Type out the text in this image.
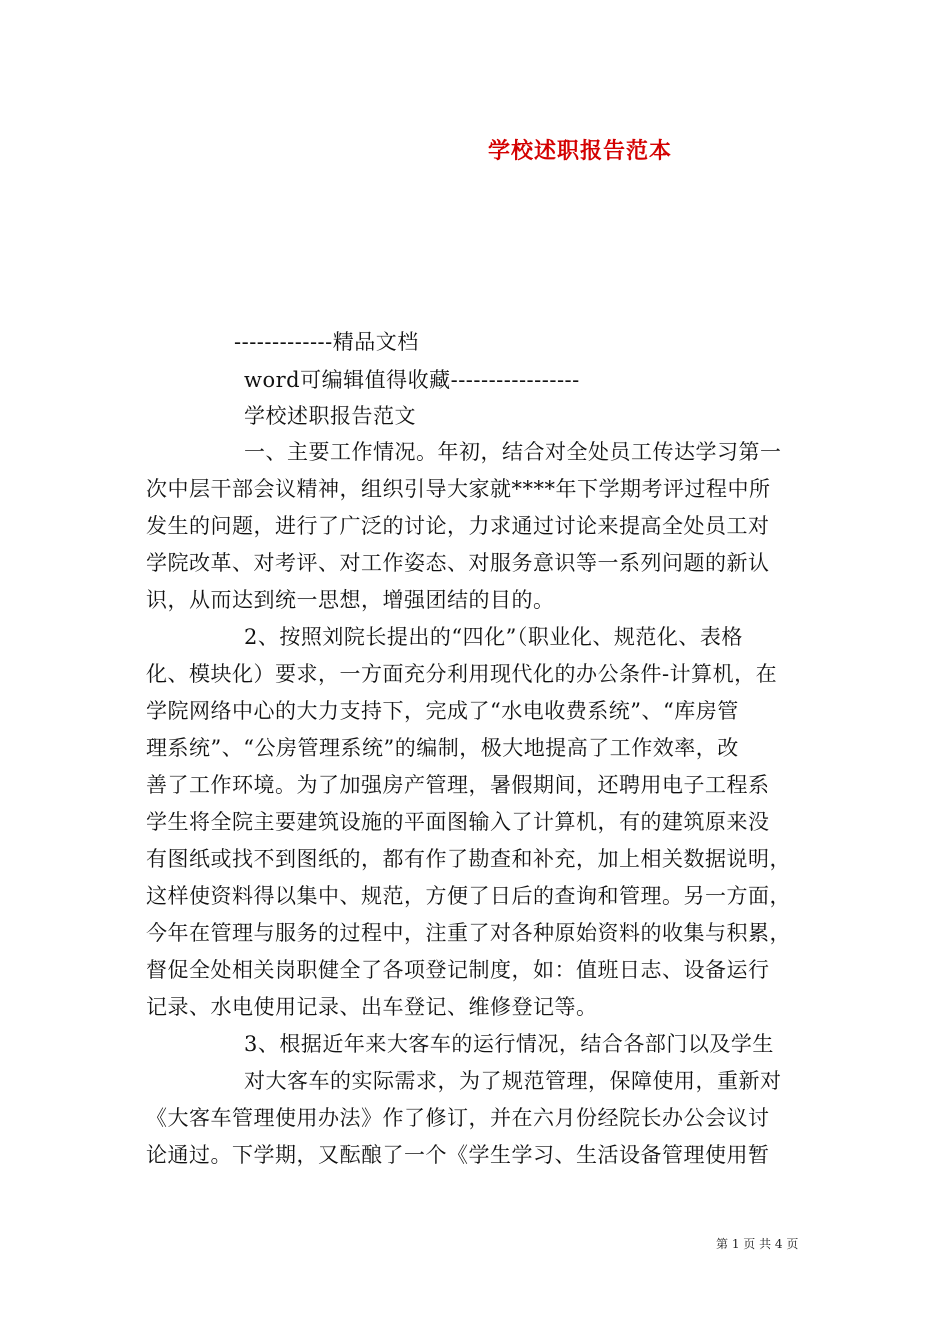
学校述职报告范本
-------------精品文档
word可编辑值得收藏-----------------
学校述职报告范文
一、主要工作情况。年初，结合对全处员工传达学习第一
次中层干部会议精神，组织引导大家就****年下学期考评过程中所
发生的问题，进行了广泛的讨论，力求通过讨论来提高全处员工对
学院改革、对考评、对工作姿态、对服务意识等一系列问题的新认
识，从而达到统一思想，增强团结的目的。
2、按照刘院长提出的“四化”（职业化、规范化、表格
化、模块化）要求，一方面充分利用现代化的办公条件-计算机，在
学院网络中心的大力支持下，完成了“水电收费系统”、“库房管
理系统”、“公房管理系统”的编制，极大地提高了工作效率，改
善了工作环境。为了加强房产管理，暑假期间，还聘用电子工程系
学生将全院主要建筑设施的平面图输入了计算机，有的建筑原来没
有图纸或找不到图纸的，都有作了勘查和补充，加上相关数据说明，
这样使资料得以集中、规范，方便了日后的查询和管理。另一方面，
今年在管理与服务的过程中，注重了对各种原始资料的收集与积累，
督促全处相关岗职健全了各项登记制度，如：值班日志、设备运行
记录、水电使用记录、出车登记、维修登记等。
3、根据近年来大客车的运行情况，结合各部门以及学生
对大客车的实际需求，为了规范管理，保障使用，重新对
《大客车管理使用办法》作了修订，并在六月份经院长办公会议讨
论通过。下学期，又酝酿了一个《学生学习、生活设备管理使用暂
第 1 页 共 4 页
